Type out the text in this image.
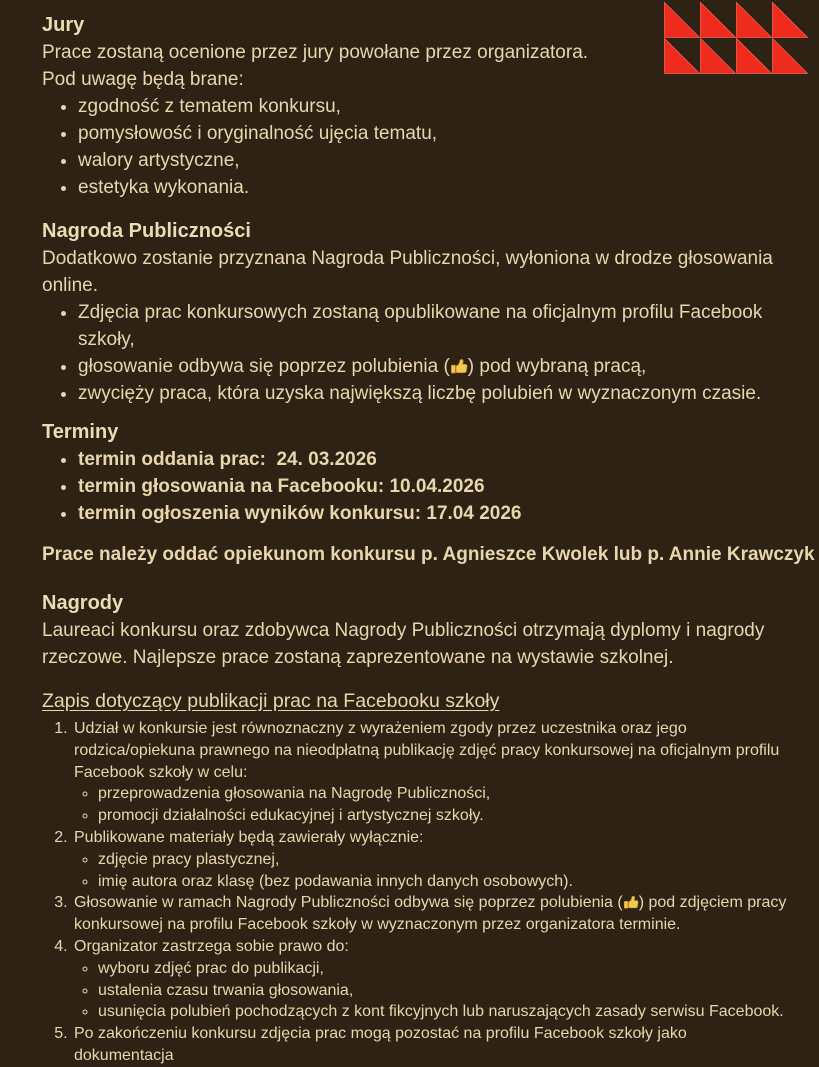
Jury

Prace zostaną ocenione przez jury powołane przez organizatora.

Pod uwagę będą brane:

• zgodność z tematem konkursu,
• pomysłowość i oryginalność ujęcia tematu,
• walory artystyczne,
• estetyka wykonania.
Nagroda Publiczności

Dodatkowo zostanie przyznana Nagroda Publiczności, wyłoniona w drodze głosowania online.

• Zdjęcia prac konkursowych zostaną opublikowane na oficjalnym profilu Facebook szkoły,
• głosowanie odbywa się poprzez polubienia ( ) pod wybraną pracą,
• zwycięży praca, która uzyska największą liczbę polubień w wyznaczonym czasie.
Terminy
• termin oddania prac:  24. 03.2026
• termin głosowania na Facebooku: 10.04.2026
• termin ogłoszenia wyników konkursu: 17.04 2026

Prace należy oddać opiekunom konkursu p. Agnieszce Kwolek lub p. Annie Krawczyk

Nagrody

Laureaci konkursu oraz zdobywca Nagrody Publiczności otrzymają dyplomy i nagrody rzeczowe. Najlepsze prace zostaną zaprezentowane na wystawie szkolnej.

Zapis dotyczący publikacji prac na Facebooku szkoły

1. Udział w konkursie jest równoznaczny z wyrażeniem zgody przez uczestnika oraz jego rodzica/opiekuna prawnego na nieodpłatną publikację zdjęć pracy konkursowej na oficjalnym profilu Facebook szkoły w celu:
◦ przeprowadzenia głosowania na Nagrodę Publiczności,
◦ promocji działalności edukacyjnej i artystycznej szkoły.
2. Publikowane materiały będą zawierały wyłącznie:
◦ zdjęcie pracy plastycznej,
◦ imię autora oraz klasę (bez podawania innych danych osobowych).
3. Głosowanie w ramach Nagrody Publiczności odbywa się poprzez polubienia ( ) pod zdjęciem pracy konkursowej na profilu Facebook szkoły w wyznaczonym przez organizatora terminie.
4. Organizator zastrzega sobie prawo do:
◦ wyboru zdjęć prac do publikacji,
◦ ustalenia czasu trwania głosowania,
◦ usunięcia polubień pochodzących z kont fikcyjnych lub naruszających zasady serwisu Facebook.
5. Po zakończeniu konkursu zdjęcia prac mogą pozostać na profilu Facebook szkoły jako dokumentacja
